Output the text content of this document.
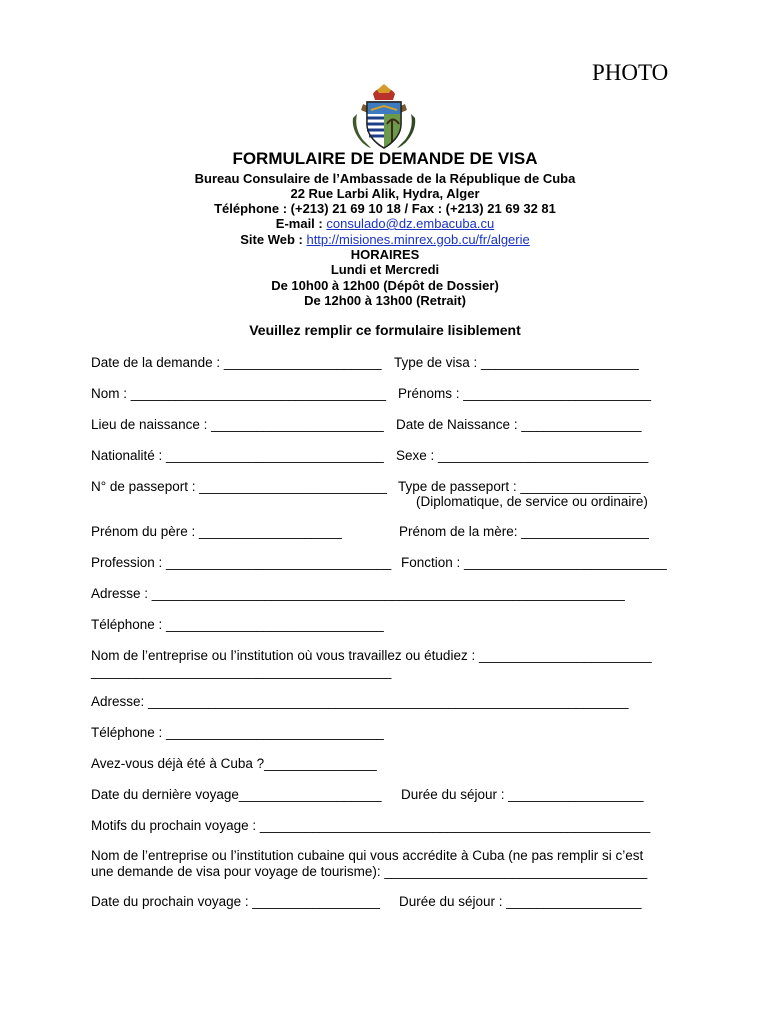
PHOTO
FORMULAIRE DE DEMANDE DE VISA
Bureau Consulaire de l’Ambassade de la République de Cuba
22 Rue Larbi Alik, Hydra, Alger
Téléphone : (+213) 21 69 10 18 / Fax : (+213) 21 69 32 81
E-mail : consulado@dz.embacuba.cu
Site Web : http://misiones.minrex.gob.cu/fr/algerie
HORAIRES
Lundi et Mercredi
De 10h00 à 12h00 (Dépôt de Dossier)
De 12h00 à 13h00 (Retrait)
Veuillez remplir ce formulaire lisiblement
Date de la demande : _____________________ Type de visa : _____________________
Nom : __________________________________ Prénoms : _________________________
Lieu de naissance : _______________________ Date de Naissance : ________________
Nationalité : _____________________________ Sexe : ____________________________
N° de passeport : _________________________ Type de passeport : ________________
(Diplomatique, de service ou ordinaire)
Prénom du père : ___________________	Prénom de la mère: _________________
Profession : ______________________________ Fonction : ___________________________
Adresse : _______________________________________________________________
Téléphone : _____________________________
Nom de l’entreprise ou l’institution où vous travaillez ou étudiez : _______________________
________________________________________
Adresse: ________________________________________________________________
Téléphone : _____________________________
Avez-vous déjà été à Cuba ?_______________
Date du dernière voyage___________________ Durée du séjour : __________________
Motifs du prochain voyage : ____________________________________________________
Nom de l’entreprise ou l’institution cubaine qui vous accrédite à Cuba (ne pas remplir si c’est
une demande de visa pour voyage de tourisme): ___________________________________
Date du prochain voyage : _________________ Durée du séjour : __________________
